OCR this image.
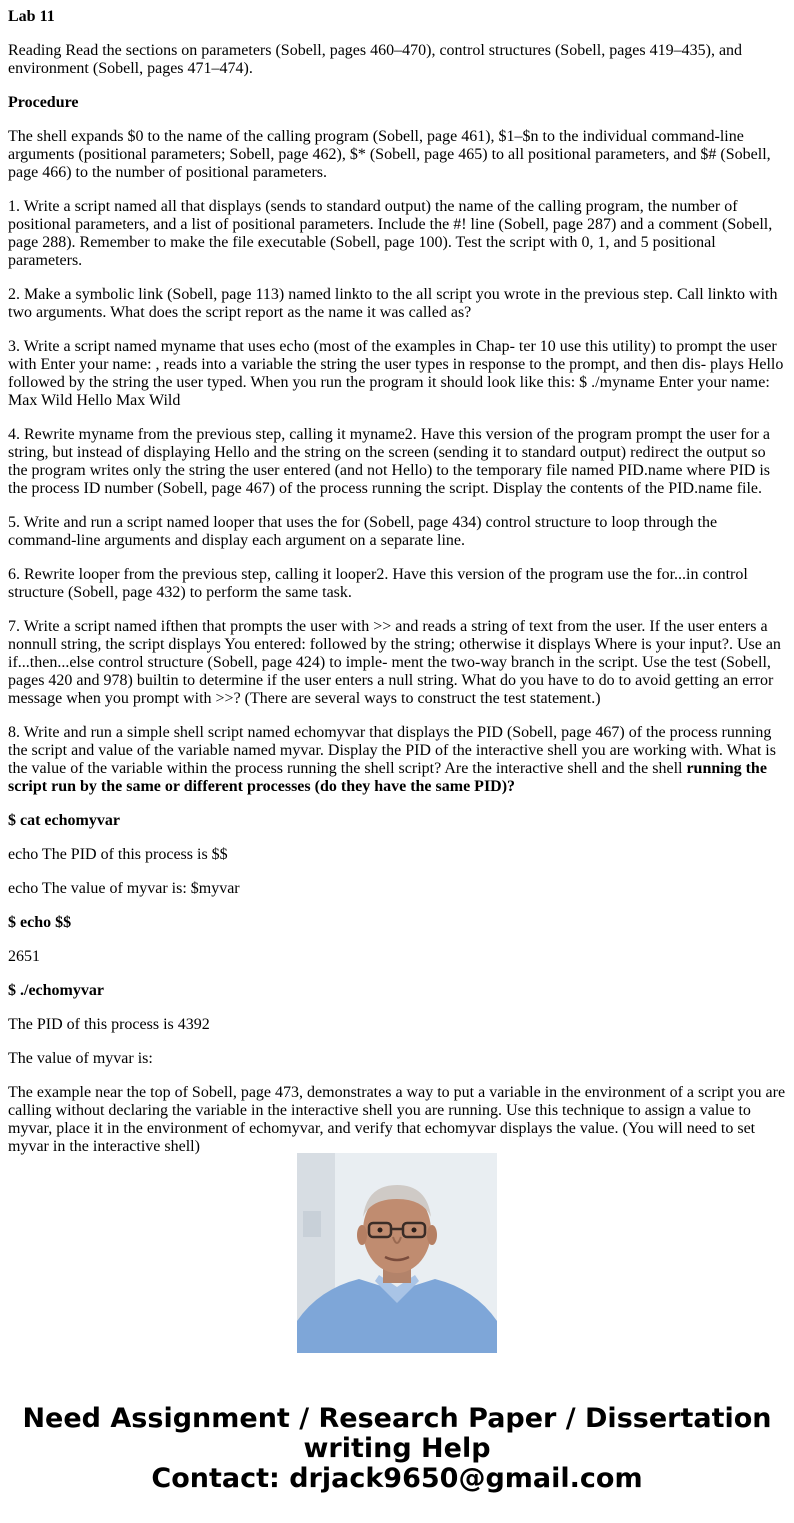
Lab 11

Reading Read the sections on parameters (Sobell, pages 460–470), control structures (Sobell, pages 419–435), and environment (Sobell, pages 471–474).

Procedure

The shell expands $0 to the name of the calling program (Sobell, page 461), $1–$n to the individual command-line arguments (positional parameters; Sobell, page 462), $* (Sobell, page 465) to all positional parameters, and $# (Sobell, page 466) to the number of positional parameters.

1. Write a script named all that displays (sends to standard output) the name of the calling program, the number of positional parameters, and a list of positional parameters. Include the #! line (Sobell, page 287) and a comment (Sobell, page 288). Remember to make the file executable (Sobell, page 100). Test the script with 0, 1, and 5 positional parameters.

2. Make a symbolic link (Sobell, page 113) named linkto to the all script you wrote in the previous step. Call linkto with two arguments. What does the script report as the name it was called as?

3. Write a script named myname that uses echo (most of the examples in Chap- ter 10 use this utility) to prompt the user with Enter your name: , reads into a variable the string the user types in response to the prompt, and then dis- plays Hello followed by the string the user typed. When you run the program it should look like this: $ ./myname Enter your name: Max Wild Hello Max Wild

4. Rewrite myname from the previous step, calling it myname2. Have this version of the program prompt the user for a string, but instead of displaying Hello and the string on the screen (sending it to standard output) redirect the output so the program writes only the string the user entered (and not Hello) to the temporary file named PID.name where PID is the process ID number (Sobell, page 467) of the process running the script. Display the contents of the PID.name file.

5. Write and run a script named looper that uses the for (Sobell, page 434) control structure to loop through the command-line arguments and display each argument on a separate line.

6. Rewrite looper from the previous step, calling it looper2. Have this version of the program use the for...in control structure (Sobell, page 432) to perform the same task.

7. Write a script named ifthen that prompts the user with >> and reads a string of text from the user. If the user enters a nonnull string, the script displays You entered: followed by the string; otherwise it displays Where is your input?. Use an if...then...else control structure (Sobell, page 424) to imple- ment the two-way branch in the script. Use the test (Sobell, pages 420 and 978) builtin to determine if the user enters a null string. What do you have to do to avoid getting an error message when you prompt with >>? (There are several ways to construct the test statement.)

8. Write and run a simple shell script named echomyvar that displays the PID (Sobell, page 467) of the process running the script and value of the variable named myvar. Display the PID of the interactive shell you are working with. What is the value of the variable within the process running the shell script? Are the interactive shell and the shell running the script run by the same or different processes (do they have the same PID)?

$ cat echomyvar

echo The PID of this process is $$

echo The value of myvar is: $myvar

$ echo $$

2651

$ ./echomyvar

The PID of this process is 4392

The value of myvar is:

The example near the top of Sobell, page 473, demonstrates a way to put a variable in the environment of a script you are calling without declaring the variable in the interactive shell you are running. Use this technique to assign a value to myvar, place it in the environment of echomyvar, and verify that echomyvar displays the value. (You will need to set myvar in the interactive shell)

Need Assignment / Research Paper / Dissertation
writing Help
Contact: drjack9650@gmail.com
